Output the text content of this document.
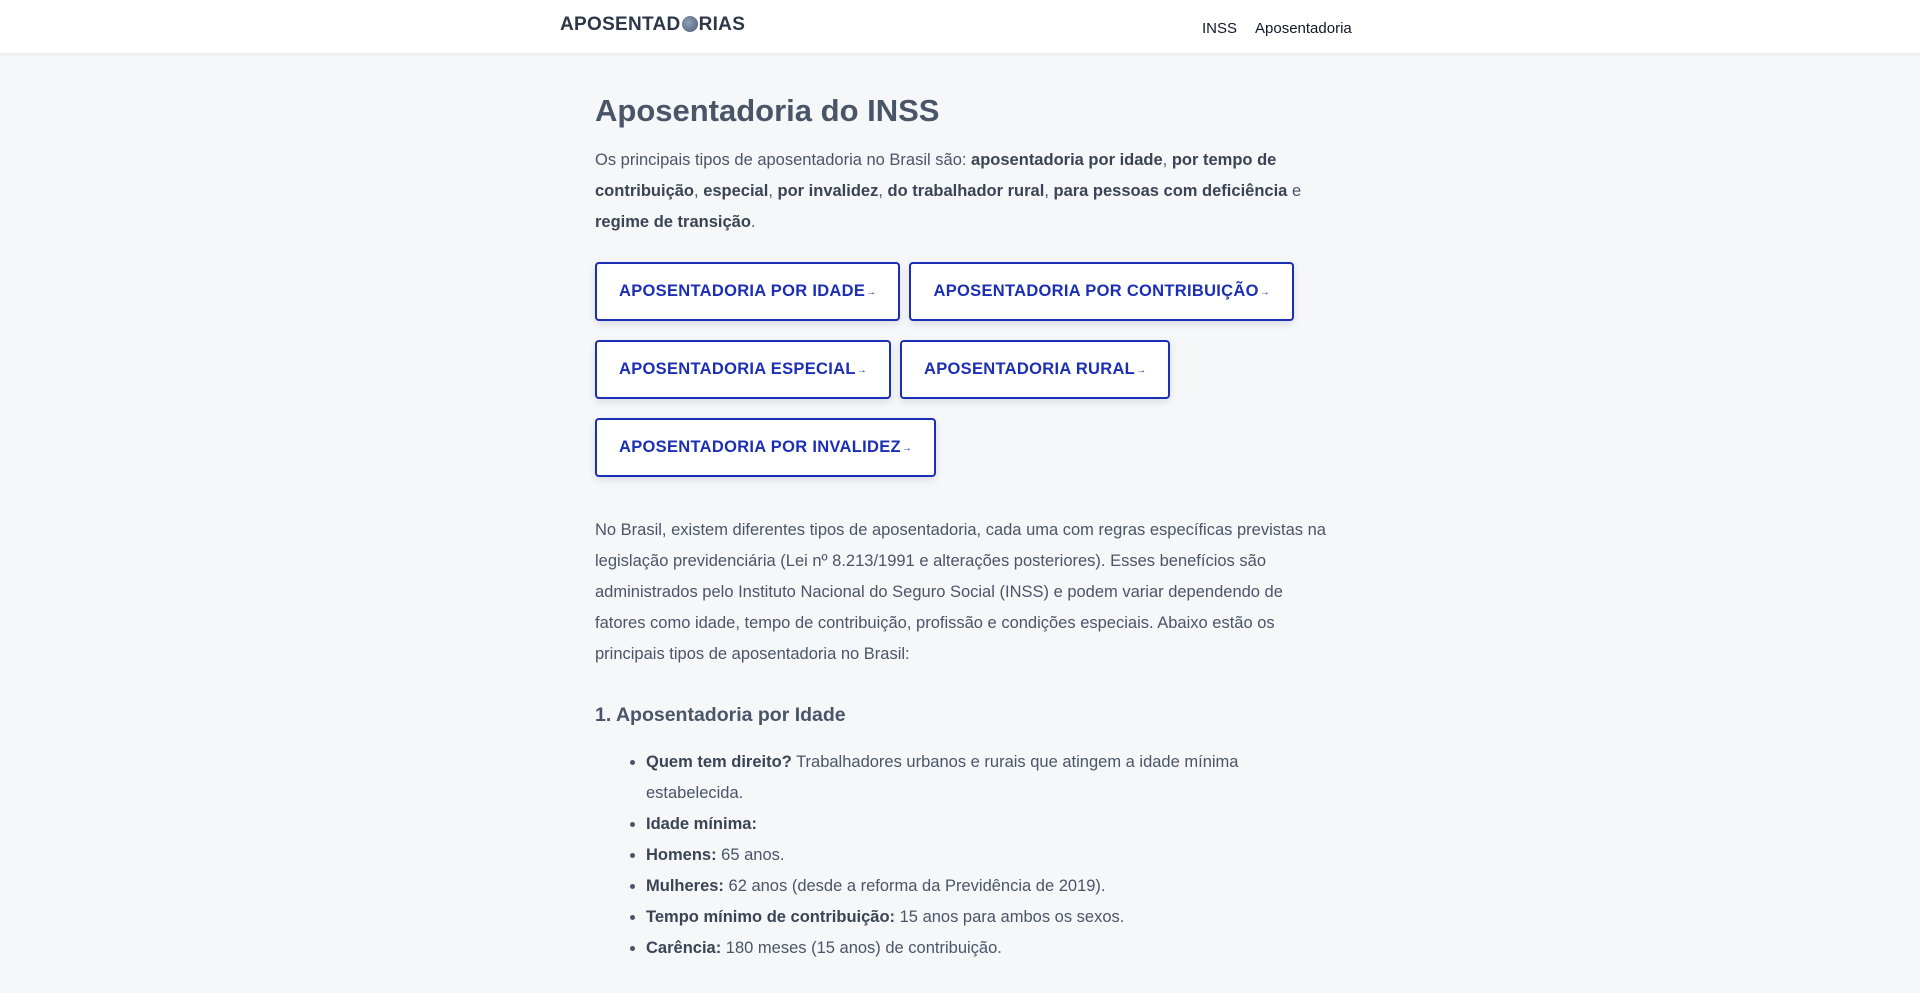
APOSENTAD RIAS	INSS Aposentadoria
Aposentadoria do INSS

Os principais tipos de aposentadoria no Brasil são: aposentadoria por idade, por tempo de contribuição, especial, por invalidez, do trabalhador rural, para pessoas com deficiência e regime de transição.

APOSENTADORIA POR IDADE →	APOSENTADORIA POR CONTRIBUIÇÃO →
APOSENTADORIA ESPECIAL →	APOSENTADORIA RURAL →
APOSENTADORIA POR INVALIDEZ →

No Brasil, existem diferentes tipos de aposentadoria, cada uma com regras específicas previstas na legislação previdenciária (Lei nº 8.213/1991 e alterações posteriores). Esses benefícios são administrados pelo Instituto Nacional do Seguro Social (INSS) e podem variar dependendo de fatores como idade, tempo de contribuição, profissão e condições especiais. Abaixo estão os principais tipos de aposentadoria no Brasil:

1. Aposentadoria por Idade
• Quem tem direito? Trabalhadores urbanos e rurais que atingem a idade mínima estabelecida.
• Idade mínima:
• Homens: 65 anos.
• Mulheres: 62 anos (desde a reforma da Previdência de 2019).
• Tempo mínimo de contribuição: 15 anos para ambos os sexos.
• Carência: 180 meses (15 anos) de contribuição.
